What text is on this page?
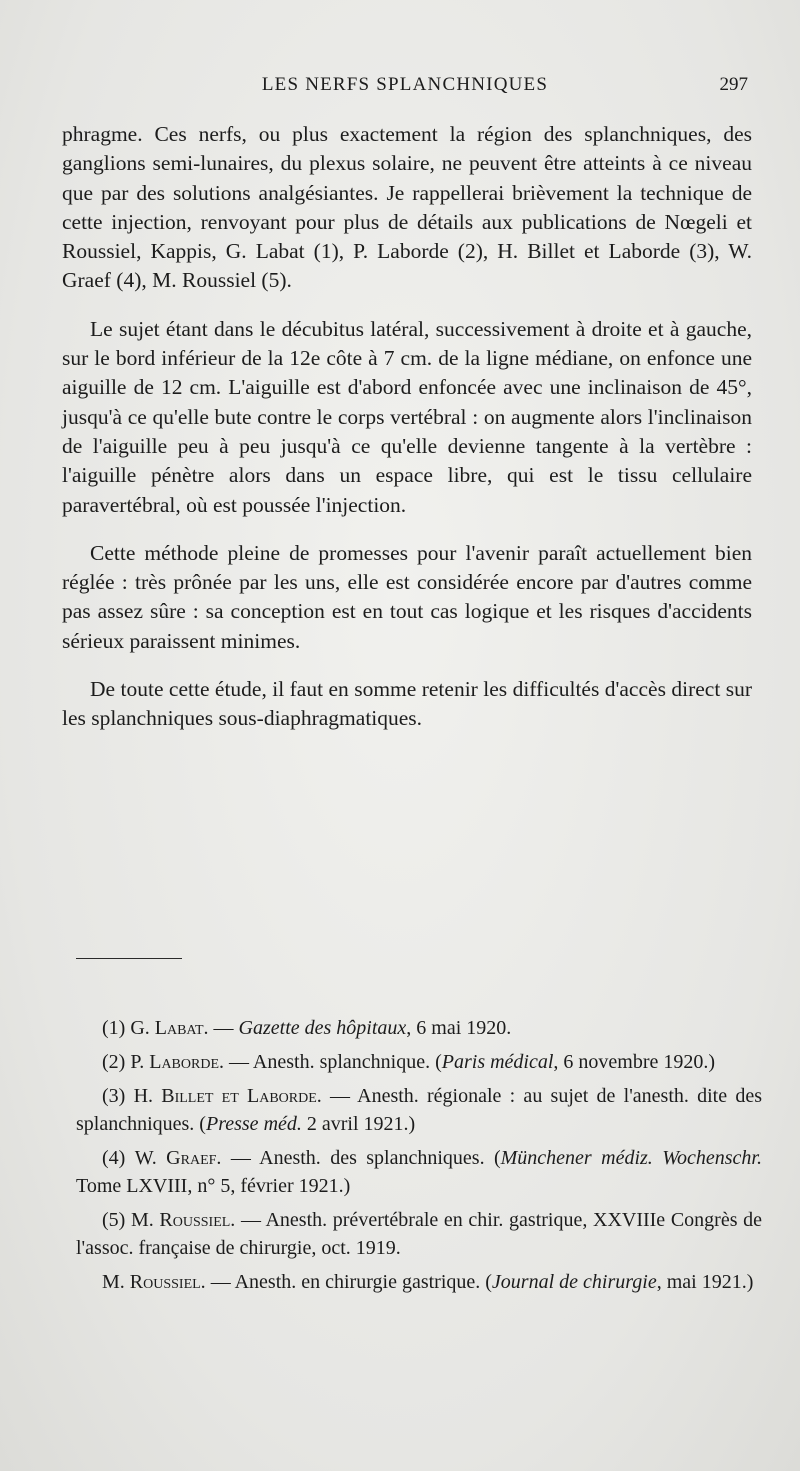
LES NERFS SPLANCHNIQUES	297

phragme. Ces nerfs, ou plus exactement la région des splanchniques, des ganglions semi-lunaires, du plexus solaire, ne peuvent être atteints à ce niveau que par des solutions analgésiantes. Je rappellerai brièvement la technique de cette injection, renvoyant pour plus de détails aux publications de Nœgeli et Roussiel, Kappis, G. Labat (1), P. Laborde (2), H. Billet et Laborde (3), W. Graef (4), M. Roussiel (5).

Le sujet étant dans le décubitus latéral, successivement à droite et à gauche, sur le bord inférieur de la 12e côte à 7 cm. de la ligne médiane, on enfonce une aiguille de 12 cm. L'aiguille est d'abord enfoncée avec une inclinaison de 45°, jusqu'à ce qu'elle bute contre le corps vertébral : on augmente alors l'inclinaison de l'aiguille peu à peu jusqu'à ce qu'elle devienne tangente à la vertèbre : l'aiguille pénètre alors dans un espace libre, qui est le tissu cellulaire paravertébral, où est poussée l'injection.

Cette méthode pleine de promesses pour l'avenir paraît actuellement bien réglée : très prônée par les uns, elle est considérée encore par d'autres comme pas assez sûre : sa conception est en tout cas logique et les risques d'accidents sérieux paraissent minimes.

De toute cette étude, il faut en somme retenir les difficultés d'accès direct sur les splanchniques sous-diaphragmatiques.

(1) G. Labat. — Gazette des hôpitaux, 6 mai 1920.

(2) P. Laborde. — Anesth. splanchnique. (Paris médical, 6 novembre 1920.)

(3) H. Billet et Laborde. — Anesth. régionale : au sujet de l'anesth. dite des splanchniques. (Presse méd. 2 avril 1921.)

(4) W. Graef. — Anesth. des splanchniques. (Münchener médiz. Wochenschr. Tome LXVIII, n° 5, février 1921.)

(5) M. Roussiel. — Anesth. prévertébrale en chir. gastrique, XXVIIIe Congrès de l'assoc. française de chirurgie, oct. 1919.

M. Roussiel. — Anesth. en chirurgie gastrique. (Journal de chirurgie, mai 1921.)
